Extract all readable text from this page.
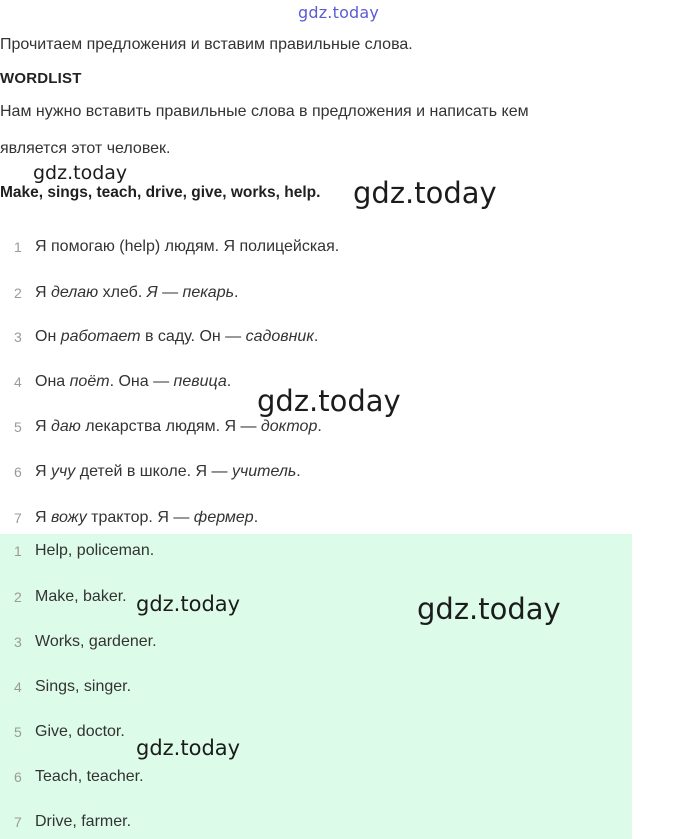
gdz.today
Прочитаем предложения и вставим правильные слова.
WORDLIST
Нам нужно вставить правильные слова в предложения и написать кем
является этот человек.
gdz.today
Make, sings, teach, drive, give, works, help. gdz.today
1 Я помогаю (help) людям. Я полицейская.
2 Я делаю хлеб. Я — пекарь.
3 Он работает в саду. Он — садовник.
4 Она поёт. Она — певица.
gdz.today
5 Я даю лекарства людям. Я — доктор.
6 Я учу детей в школе. Я — учитель.
7 Я вожу трактор. Я — фермер.
1 Help, policeman.
2 Make, baker. gdz.today	gdz.today
3 Works, gardener.
4 Sings, singer.
5 Give, doctor.
gdz.today
6 Teach, teacher.
7 Drive, farmer.
